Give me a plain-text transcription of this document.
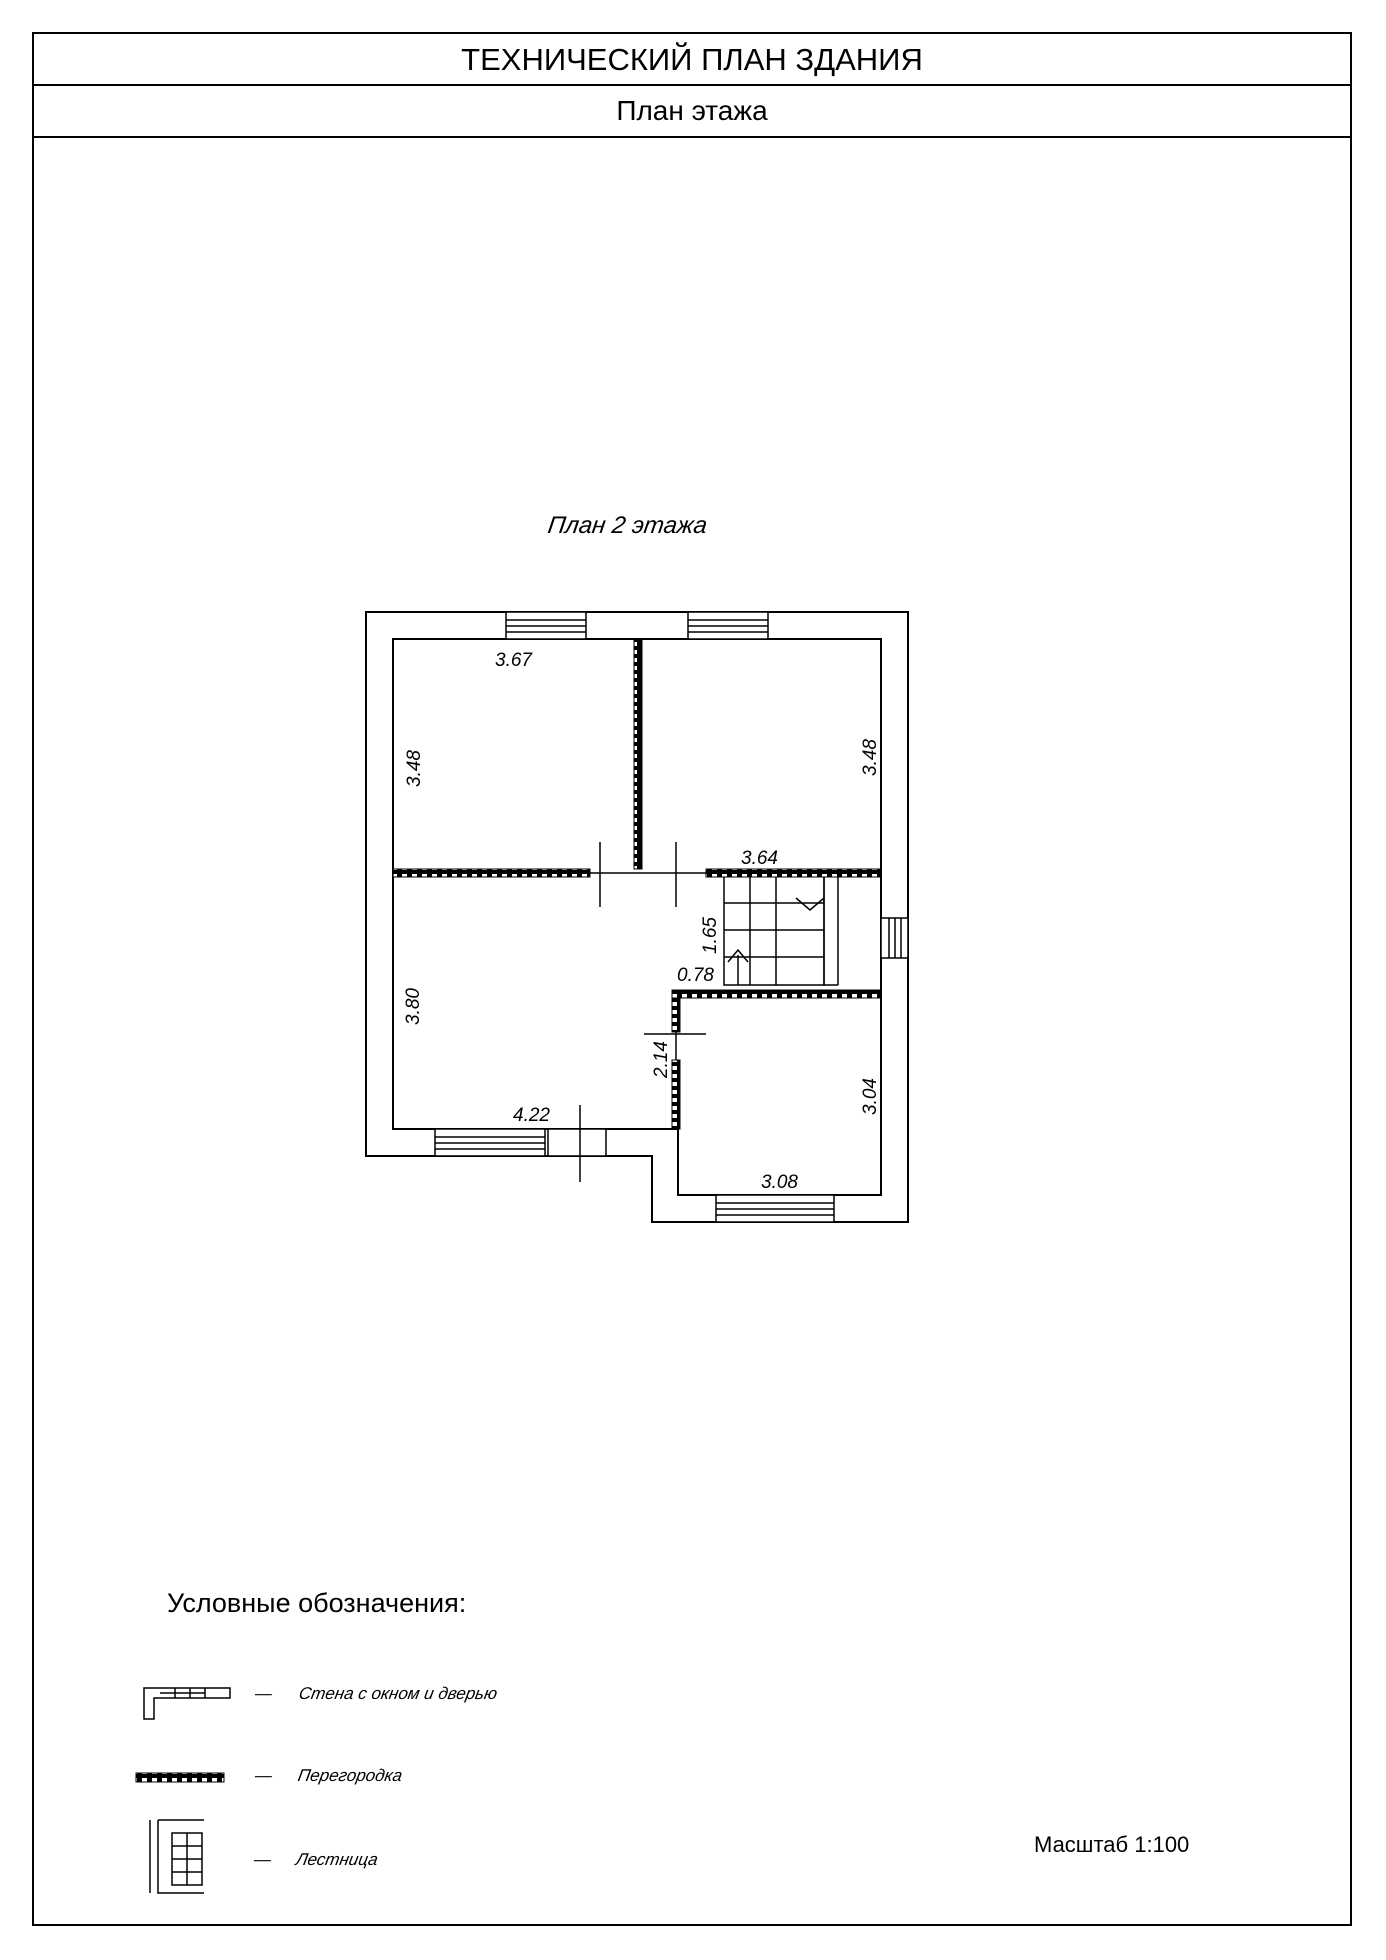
ТЕХНИЧЕСКИЙ ПЛАН ЗДАНИЯ
План этажа
План 2 этажа
3.67
3.48	3.48
3.64
1.65
0.78
3.80
4.22
2.14
3.04
3.08
Условные обозначения:
— Стена с окном и дверью
— Перегородка
— Лестница
Масштаб 1:100
